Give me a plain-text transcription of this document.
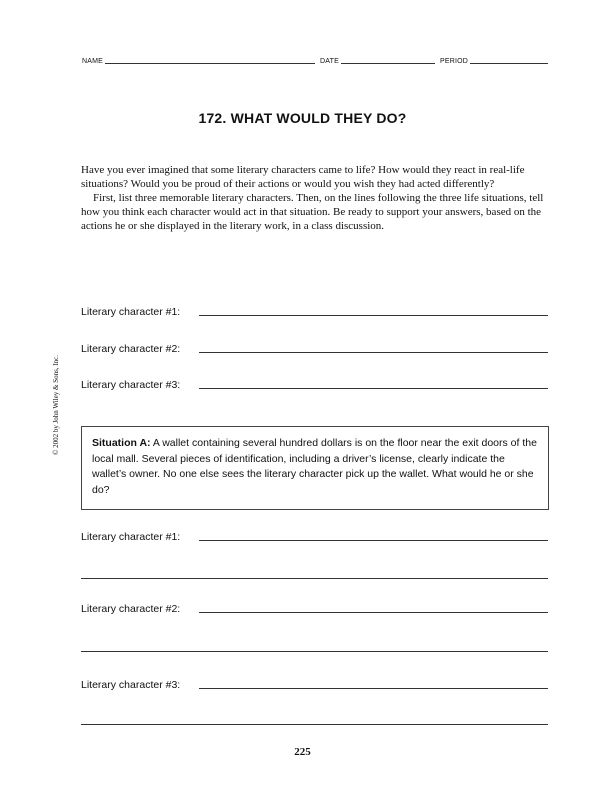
NAME	DATE	PERIOD
172. WHAT WOULD THEY DO?

Have you ever imagined that some literary characters came to life? How would they react in real-life situations? Would you be proud of their actions or would you wish they had acted differently?

First, list three memorable literary characters. Then, on the lines following the three life situations, tell how you think each character would act in that situation. Be ready to support your answers, based on the actions he or she displayed in the literary work, in a class discussion.

© 2002 by John Wiley & Sons, Inc.
Literary character #1:
Literary character #2:
Literary character #3:
Situation A: A wallet containing several hundred dollars is on the floor near the exit doors of the local mall. Several pieces of identification, including a driver’s license, clearly indicate the wallet’s owner. No one else sees the literary character pick up the wallet. What would he or she do?
Literary character #1:
Literary character #2:
Literary character #3:
225
